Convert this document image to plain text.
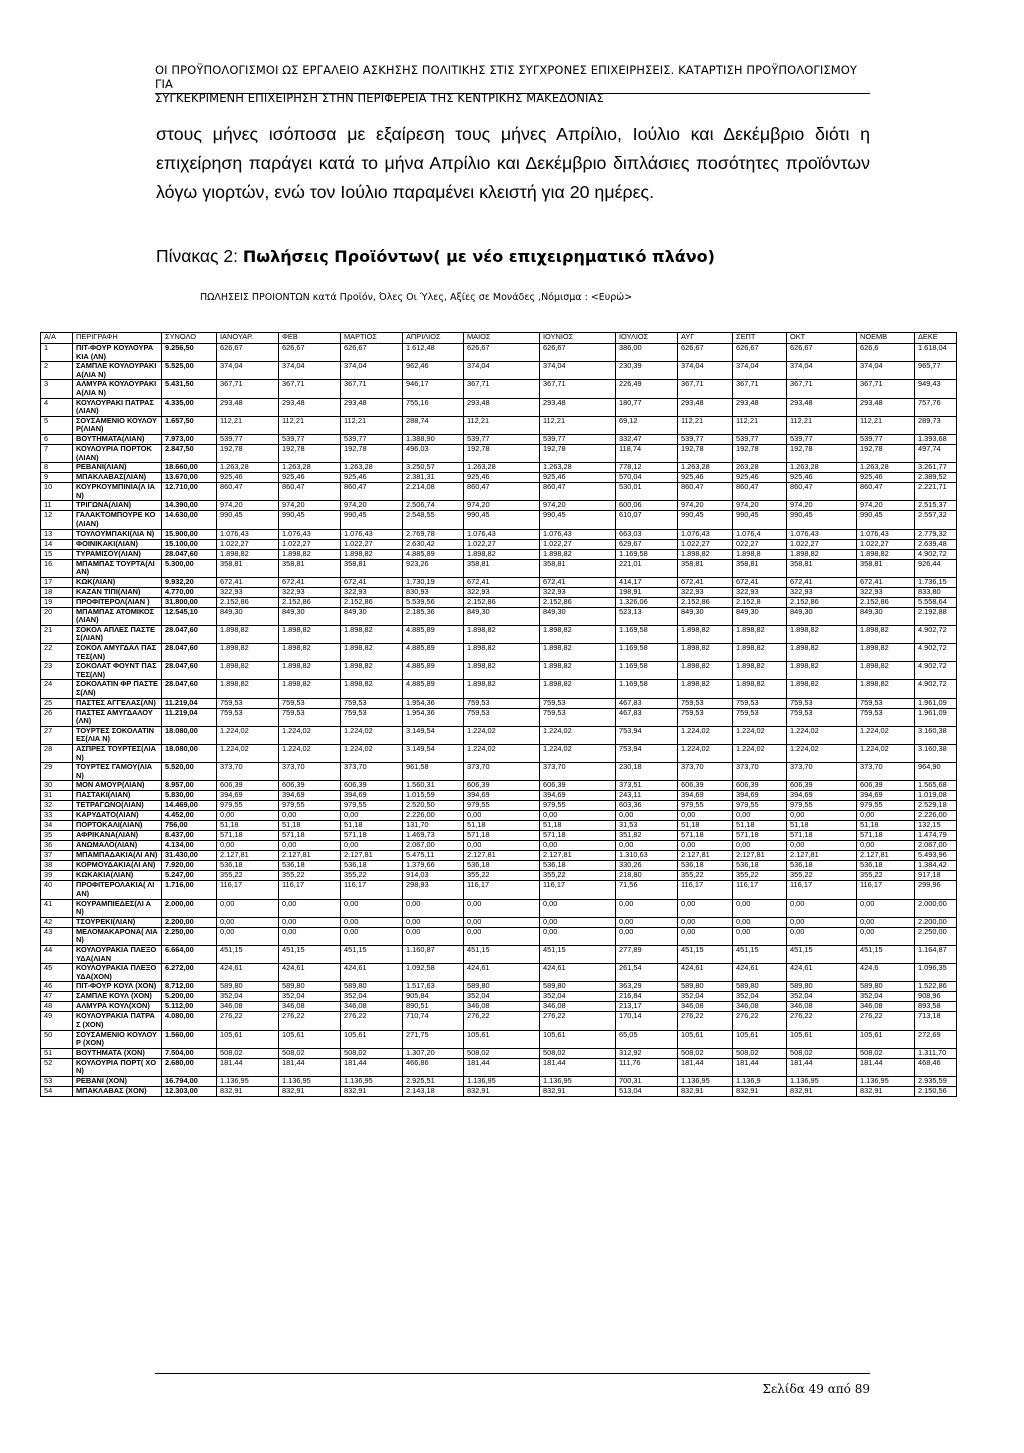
ΟΙ ΠΡΟΫΠΟΛΟΓΙΣΜΟΙ ΩΣ ΕΡΓΑΛΕΙΟ ΑΣΚΗΣΗΣ ΠΟΛΙΤΙΚΗΣ ΣΤΙΣ ΣΥΓΧΡΟΝΕΣ ΕΠΙΧΕΙΡΗΣΕΙΣ. ΚΑΤΑΡΤΙΣΗ ΠΡΟΫΠΟΛΟΓΙΣΜΟΥ ΓΙΑ
ΣΥΓΚΕΚΡΙΜΕΝΗ ΕΠΙΧΕΙΡΗΣΗ ΣΤΗΝ ΠΕΡΙΦΕΡΕΙΑ ΤΗΣ ΚΕΝΤΡΙΚΗΣ ΜΑΚΕΔΟΝΙΑΣ
στους μήνες ισόποσα με εξαίρεση τους μήνες Απρίλιο, Ιούλιο και Δεκέμβριο διότι η επιχείρηση παράγει κατά το μήνα Απρίλιο και Δεκέμβριο διπλάσιες ποσότητες προϊόντων λόγω γιορτών, ενώ τον Ιούλιο παραμένει κλειστή για 20 ημέρες.
Πίνακας 2: Πωλήσεις Προϊόντων( με νέο επιχειρηματικό πλάνο)
ΠΩΛΗΣΕΙΣ ΠΡΟΙΟΝΤΩΝ κατά Προϊόν, Όλες Οι Ύλες, Αξίες σε Μονάδες ,Νόμισμα : <Ευρώ>
Α/Α	ΠΕΡΙΓΡΑΦΗ	ΣΥΝΟΛΟ	ΙΑΝΟΥΑΡ.	ΦΕΒ	ΜΑΡΤΙΟΣ	ΑΠΡΙΛΙΟΣ	ΜΑΙΟΣ	ΙΟΥΝΙΟΣ	ΙΟΥΛΙΟΣ	ΑΥΓ	ΣΕΠΤ	ΟΚΤ	ΝΟΕΜΒ	ΔΕΚΕ
1	ΠΙΤ-ΦΟΥΡ ΚΟΥΛΟΥΡΑΚΙΑ (ΛΝ)	9.256,50	626,67	626,67	626,67	1.612,48	626,67	626,67	386,00	626,67	626,67	626,67	626,6	1.618,04
2	ΣΑΜΠΛΕ ΚΟΥΛΟΥΡΑΚΙΑ(ΛΙΑ Ν)	5.525,00	374,04	374,04	374,04	962,46	374,04	374,04	230,39	374,04	374,04	374,04	374,04	965,77
3	ΑΛΜΥΡΑ ΚΟΥΛΟΥΡΑΚΙΑ(ΛΙΑ Ν)	5.431,50	367,71	367,71	367,71	946,17	367,71	367,71	226,49	367,71	367,71	367,71	367,71	949,43
4	ΚΟΥΛΟΥΡΑΚΙ ΠΑΤΡΑΣ(ΛΙΑΝ)	4.335,00	293,48	293,48	293,48	755,16	293,48	293,48	180,77	293,48	293,48	293,48	293,48	757,76
5	ΣΟΥΣΑΜΕΝΙΟ ΚΟΥΛΟΥΡ(ΛΙΑΝ)	1.657,50	112,21	112,21	112,21	288,74	112,21	112,21	69,12	112,21	112,21	112,21	112,21	289,73
6	ΒΟΥΤΗΜΑΤΑ(ΛΙΑΝ)	7.973,00	539,77	539,77	539,77	1.388,90	539,77	539,77	332,47	539,77	539,77	539,77	539,77	1.393,68
7	ΚΟΥΛΟΥΡΙΑ ΠΟΡΤΟΚ(ΛΙΑΝ)	2.847,50	192,78	192,78	192,78	496,03	192,78	192,78	118,74	192,78	192,78	192,78	192,78	497,74
8	ΡΕΒΑΝΙ(ΛΙΑΝ)	18.660,00	1.263,28	1.263,28	1.263,28	3.250,57	1.263,28	1.263,28	778,12	1.263,28	263,28	1.263,28	1.263,28	3.261,77
9	ΜΠΑΚΛΑΒΑΣ(ΛΙΑΝ)	13.670,00	925,46	925,46	925,46	2.381,31	925,46	925,46	570,04	925,46	925,46	925,46	925,46	2.389,52
10	ΚΟΥΡΚΟΥΜΠΙΝΙΑ(Λ ΙΑΝ)	12.710,00	860,47	860,47	860,47	2.214,08	860,47	860,47	530,01	860,47	860,47	860,47	860,47	2.221,71
11	ΤΡΙΓΩΝΑ(ΛΙΑΝ)	14.390,00	974,20	974,20	974,20	2.506,74	974,20	974,20	600,06	974,20	974,20	974,20	974,20	2.515,37
12	ΓΑΛΑΚΤΟΜΠΟΥΡΕ ΚΟ(ΛΙΑΝ)	14.630,00	990,45	990,45	990,45	2.548,55	990,45	990,45	610,07	990,45	990,45	990,45	990,45	2.557,32
13	ΤΟΥΛΟΥΜΠΑΚΙ(ΛΙΑ Ν)	15.900,00	1.076,43	1.076,43	1.076,43	2.769,78	1.076,43	1.076,43	663,03	1.076,43	1.076,4	1.076,43	1.076,43	2.779,32
14	ΦΟΙΝΙΚΑΚΙ(ΛΙΑΝ)	15.100,00	1.022,27	1.022,27	1.022,27	2.630,42	1.022,27	1.022,27	629,67	1.022,27	022,27	1.022,27	1.022,27	2.639,48
15	ΤΥΡΑΜΙΣΟΥ(ΛΙΑΝ)	28.047,60	1.898,82	1.898,82	1.898,82	4.885,89	1.898,82	1.898,82	1.169,58	1.898,82	1.898,8	1.898,82	1.898,82	4.902,72
16	ΜΠΑΜΠΑΣ ΤΟΥΡΤΑ(ΛΙΑΝ)	5.300,00	358,81	358,81	358,81	923,26	358,81	358,81	221,01	358,81	358,81	358,81	358,81	926,44
17	ΚΩΚ(ΛΙΑΝ)	9.932,20	672,41	672,41	672,41	1.730,19	672,41	672,41	414,17	672,41	672,41	672,41	672,41	1.736,15
18	ΚΑΖΑΝ ΤΙΠΙ(ΛΙΑΝ)	4.770,00	322,93	322,93	322,93	830,93	322,93	322,93	198,91	322,93	322,93	322,93	322,93	833,80
19	ΠΡΟΦΙΤΕΡΟΛ(ΛΙΑΝ )	31.800,00	2.152,86	2.152,86	2.152,86	5.539,56	2.152,86	2.152,86	1.326,06	2.152,86	2.152,8	2.152,86	2.152,86	5.558,64
20	ΜΠΑΜΠΑΣ ΑΤΟΜΙΚΟΣ(ΛΙΑΝ)	12.545,10	849,30	849,30	849,30	2.185,36	849,30	849,30	523,13	849,30	849,30	849,30	849,30	2.192,88
21	ΣΟΚΟΛ ΑΠΛΕΣ ΠΑΣΤΕΣ(ΛΙΑΝ)	28.047,60	1.898,82	1.898,82	1.898,82	4.885,89	1.898,82	1.898,82	1.169,58	1.898,82	1.898,82	1.898,82	1.898,82	4.902,72
22	ΣΟΚΟΛ ΑΜΥΓΔΑΛ ΠΑΣΤΕΣ(ΛΝ)	28.047,60	1.898,82	1.898,82	1.898,82	4.885,89	1.898,82	1.898,82	1.169,58	1.898,82	1.898,82	1.898,82	1.898,82	4.902,72
23	ΣΟΚΟΛΑΤ ΦΟΥΝΤ ΠΑΣΤΕΣ(ΛΝ)	28.047,60	1.898,82	1.898,82	1.898,82	4.885,89	1.898,82	1.898,82	1.169,58	1.898,82	1.898,82	1.898,82	1.898,82	4.902,72
24	ΣΟΚΟΛΑΤΙΝ ΦΡ ΠΑΣΤΕΣ(ΛΝ)	28.047,60	1.898,82	1.898,82	1.898,82	4.885,89	1.898,82	1.898,82	1.169,58	1.898,82	1.898,82	1.898,82	1.898,82	4.902,72
25	ΠΑΣΤΕΣ ΑΓΓΕΛΑΣ(ΛΝ)	11.219,04	759,53	759,53	759,53	1.954,36	759,53	759,53	467,83	759,53	759,53	759,53	759,53	1.961,09
26	ΠΑΣΤΕΣ ΑΜΥΓΔΑΛΟΥ(ΛΝ)	11.219,04	759,53	759,53	759,53	1.954,36	759,53	759,53	467,83	759,53	759,53	759,53	759,53	1.961,09
27	ΤΟΥΡΤΕΣ ΣΟΚΟΛΑΤΙΝΕΣ(ΛΙΑ Ν)	18.080,00	1.224,02	1.224,02	1.224,02	3.149,54	1.224,02	1.224,02	753,94	1.224,02	1.224,02	1.224,02	1.224,02	3.160,38
28	ΑΣΠΡΕΣ ΤΟΥΡΤΕΣ(ΛΙΑΝ)	18.080,00	1.224,02	1.224,02	1.224,02	3.149,54	1.224,02	1.224,02	753,94	1.224,02	1.224,02	1.224,02	1.224,02	3.160,38
29	ΤΟΥΡΤΕΣ ΓΑΜΟΥ(ΛΙΑΝ)	5.520,00	373,70	373,70	373,70	961,58	373,70	373,70	230,18	373,70	373,70	373,70	373,70	964,90
30	ΜΟΝ ΑΜΟΥΡ(ΛΙΑΝ)	8.957,00	606,39	606,39	606,39	1.560,31	606,39	606,39	373,51	606,39	606,39	606,39	606,39	1.565,68
31	ΠΑΣΤΑΚΙ(ΛΙΑΝ)	5.830,00	394,69	394,69	394,69	1.015,59	394,69	394,69	243,11	394,69	394,69	394,69	394,69	1.019,08
32	ΤΕΤΡΑΓΩΝΟ(ΛΙΑΝ)	14.469,00	979,55	979,55	979,55	2.520,50	979,55	979,55	603,36	979,55	979,55	979,55	979,55	2.529,18
33	ΚΑΡΥΔΑΤΟ(ΛΙΑΝ)	4.452,00	0,00	0,00	0,00	2.226,00	0,00	0,00	0,00	0,00	0,00	0,00	0,00	2.226,00
34	ΠΟΡΤΟΚΑΛΙ(ΛΙΑΝ)	756,00	51,18	51,18	51,18	131,70	51,18	51,18	31,53	51,18	51,18	51,18	51,18	132,15
35	ΑΦΡΙΚΑΝΑ(ΛΙΑΝ)	8.437,00	571,18	571,18	571,18	1.469,73	571,18	571,18	351,82	571,18	571,18	571,18	571,18	1.474,79
36	ΑΝΩΜΑΛΟ(ΛΙΑΝ)	4.134,00	0,00	0,00	0,00	2.067,00	0,00	0,00	0,00	0,00	0,00	0,00	0,00	2.067,00
37	ΜΠΑΜΠΑΔΑΚΙΑ(ΛΙ ΑΝ)	31.430,00	2.127,81	2.127,81	2.127,81	5.475,11	2.127,81	2.127,81	1.310,63	2.127,81	2.127,81	2.127,81	2.127,81	5.493,96
38	ΚΟΡΜΟΥΔΑΚΙΑ(ΛΙ ΑΝ)	7.920,00	536,18	536,18	536,18	1.379,66	536,18	536,18	330,26	536,18	536,18	536,18	536,18	1.384,42
39	ΚΩΚΑΚΙΑ(ΛΙΑΝ)	5.247,00	355,22	355,22	355,22	914,03	355,22	355,22	218,80	355,22	355,22	355,22	355,22	917,18
40	ΠΡΟΦΙΤΕΡΟΛΑΚΙΑ( ΛΙΑΝ)	1.716,00	116,17	116,17	116,17	298,93	116,17	116,17	71,56	116,17	116,17	116,17	116,17	299,96
41	ΚΟΥΡΑΜΠΙΕΔΕΣ(ΛΙ ΑΝ)	2.000,00	0,00	0,00	0,00	0,00	0,00	0,00	0,00	0,00	0,00	0,00	0,00	2.000,00
42	ΤΣΟΥΡΕΚΙ(ΛΙΑΝ)	2.200,00	0,00	0,00	0,00	0,00	0,00	0,00	0,00	0,00	0,00	0,00	0,00	2.200,00
43	ΜΕΛΟΜΑΚΑΡΟΝΑ( ΛΙΑΝ)	2.250,00	0,00	0,00	0,00	0,00	0,00	0,00	0,00	0,00	0,00	0,00	0,00	2.250,00
44	ΚΟΥΛΟΥΡΑΚΙΑ ΠΛΕΞΟΥΔΑ(ΛΙΑΝ	6.664,00	451,15	451,15	451,15	1.160,87	451,15	451,15	277,89	451,15	451,15	451,15	451,15	1.164,87
45	ΚΟΥΛΟΥΡΑΚΙΑ ΠΛΕΞΟΥΔΑ(ΧΟΝ)	6.272,00	424,61	424,61	424,61	1.092,58	424,61	424,61	261,54	424,61	424,61	424,61	424,6	1.096,35
46	ΠΙΤ-ΦΟΥΡ ΚΟΥΛ (ΧΟΝ)	8.712,00	589,80	589,80	589,80	1.517,63	589,80	589,80	363,29	589,80	589,80	589,80	589,80	1.522,86
47	ΣΑΜΠΛΕ ΚΟΥΛ (ΧΟΝ)	5.200,00	352,04	352,04	352,04	905,84	352,04	352,04	216,84	352,04	352,04	352,04	352,04	908,96
48	ΑΛΜΥΡΑ ΚΟΥΛ(ΧΟΝ)	5.112,00	346,08	346,08	346,08	890,51	346,08	346,08	213,17	346,08	346,08	346,08	346,08	893,58
49	ΚΟΥΛΟΥΡΑΚΙΑ ΠΑΤΡΑΣ (ΧΟΝ)	4.080,00	276,22	276,22	276,22	710,74	276,22	276,22	170,14	276,22	276,22	276,22	276,22	713,18
50	ΣΟΥΣΑΜΕΝΙΟ ΚΟΥΛΟΥΡ (ΧΟΝ)	1.560,00	105,61	105,61	105,61	271,75	105,61	105,61	65,05	105,61	105,61	105,61	105,61	272,69
51	ΒΟΥΤΗΜΑΤΑ (ΧΟΝ)	7.504,00	508,02	508,02	508,02	1.307,20	508,02	508,02	312,92	508,02	508,02	508,02	508,02	1.311,70
52	ΚΟΥΛΟΥΡΙΑ ΠΟΡΤ( ΧΟΝ)	2.680,00	181,44	181,44	181,44	466,86	181,44	181,44	111,76	181,44	181,44	181,44	181,44	468,46
53	ΡΕΒΑΝΙ (ΧΟΝ)	16.794,00	1.136,95	1.136,95	1.136,95	2.925,51	1.136,95	1.136,95	700,31	1.136,95	1.136,9	1.136,95	1.136,95	2.935,59
54	ΜΠΑΚΛΑΒΑΣ (ΧΟΝ)	12.303,00	832,91	832,91	832,91	2.143,18	832,91	832,91	513,04	832,91	832,91	832,91	832,91	2.150,56
Σελίδα 49 από 89
